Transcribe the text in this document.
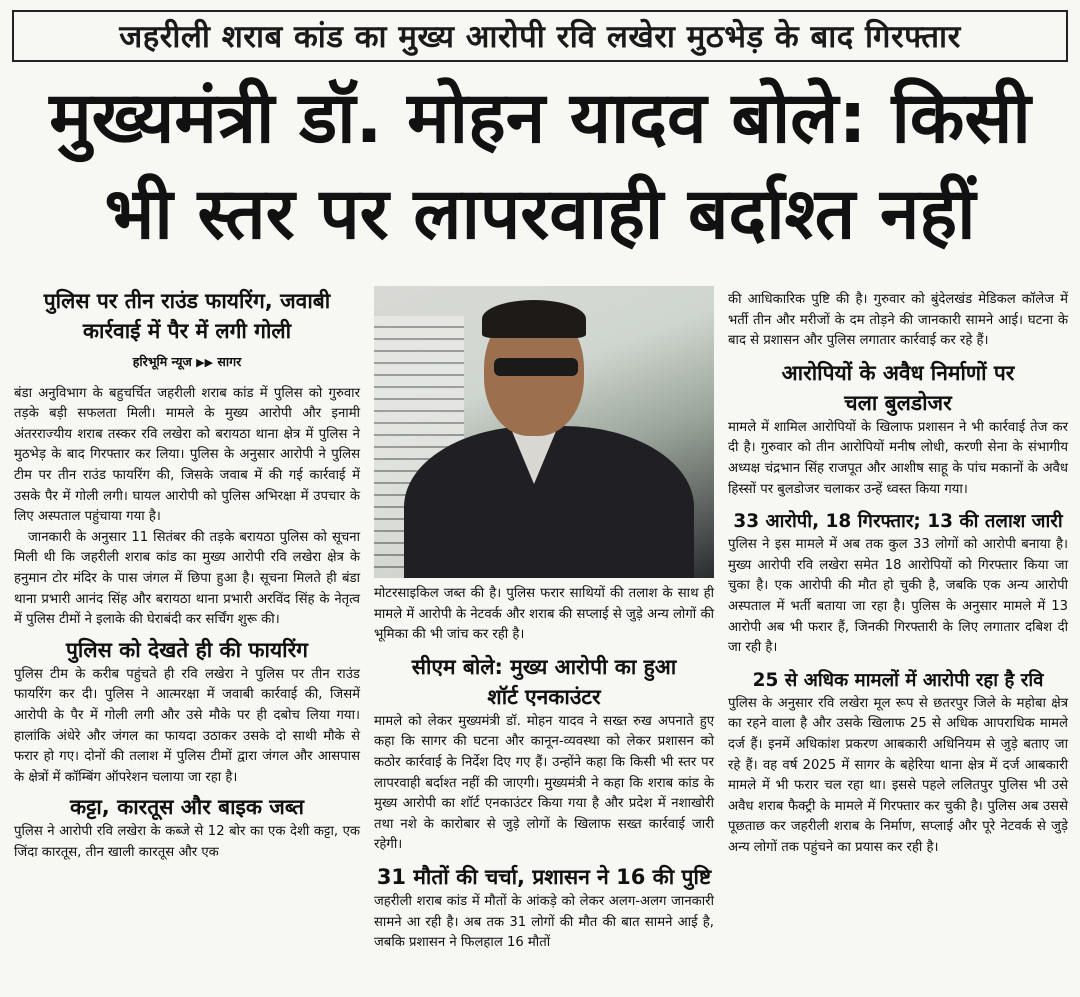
जहरीली शराब कांड का मुख्य आरोपी रवि लखेरा मुठभेड़ के बाद गिरफ्तार
मुख्यमंत्री डॉ. मोहन यादव बोले: किसी
भी स्तर पर लापरवाही बर्दाश्त नहीं
पुलिस पर तीन राउंड फायरिंग, जवाबी
कार्रवाई में पैर में लगी गोली
हरिभूमि न्यूज ▶▶ सागर

बंडा अनुविभाग के बहुचर्चित जहरीली शराब कांड में पुलिस को गुरुवार तड़के बड़ी सफलता मिली। मामले के मुख्य आरोपी और इनामी अंतरराज्यीय शराब तस्कर रवि लखेरा को बरायठा थाना क्षेत्र में पुलिस ने मुठभेड़ के बाद गिरफ्तार कर लिया। पुलिस के अनुसार आरोपी ने पुलिस टीम पर तीन राउंड फायरिंग की, जिसके जवाब में की गई कार्रवाई में उसके पैर में गोली लगी। घायल आरोपी को पुलिस अभिरक्षा में उपचार के लिए अस्पताल पहुंचाया गया है।

जानकारी के अनुसार 11 सितंबर की तड़के बरायठा पुलिस को सूचना मिली थी कि जहरीली शराब कांड का मुख्य आरोपी रवि लखेरा क्षेत्र के हनुमान टोर मंदिर के पास जंगल में छिपा हुआ है। सूचना मिलते ही बंडा थाना प्रभारी आनंद सिंह और बरायठा थाना प्रभारी अरविंद सिंह के नेतृत्व में पुलिस टीमों ने इलाके की घेराबंदी कर सर्चिंग शुरू की।

पुलिस को देखते ही की फायरिंग

पुलिस टीम के करीब पहुंचते ही रवि लखेरा ने पुलिस पर तीन राउंड फायरिंग कर दी। पुलिस ने आत्मरक्षा में जवाबी कार्रवाई की, जिसमें आरोपी के पैर में गोली लगी और उसे मौके पर ही दबोच लिया गया। हालांकि अंधेरे और जंगल का फायदा उठाकर उसके दो साथी मौके से फरार हो गए। दोनों की तलाश में पुलिस टीमों द्वारा जंगल और आसपास के क्षेत्रों में कॉम्बिंग ऑपरेशन चलाया जा रहा है।

कट्टा, कारतूस और बाइक जब्त

पुलिस ने आरोपी रवि लखेरा के कब्जे से 12 बोर का एक देशी कट्टा, एक जिंदा कारतूस, तीन खाली कारतूस और एक

मोटरसाइकिल जब्त की है। पुलिस फरार साथियों की तलाश के साथ ही मामले में आरोपी के नेटवर्क और शराब की सप्लाई से जुड़े अन्य लोगों की भूमिका की भी जांच कर रही है।

सीएम बोले: मुख्य आरोपी का हुआ
शॉर्ट एनकाउंटर

मामले को लेकर मुख्यमंत्री डॉ. मोहन यादव ने सख्त रुख अपनाते हुए कहा कि सागर की घटना और कानून-व्यवस्था को लेकर प्रशासन को कठोर कार्रवाई के निर्देश दिए गए हैं। उन्होंने कहा कि किसी भी स्तर पर लापरवाही बर्दाश्त नहीं की जाएगी। मुख्यमंत्री ने कहा कि शराब कांड के मुख्य आरोपी का शॉर्ट एनकाउंटर किया गया है और प्रदेश में नशाखोरी तथा नशे के कारोबार से जुड़े लोगों के खिलाफ सख्त कार्रवाई जारी रहेगी।

31 मौतों की चर्चा, प्रशासन ने 16 की पुष्टि

जहरीली शराब कांड में मौतों के आंकड़े को लेकर अलग-अलग जानकारी सामने आ रही है। अब तक 31 लोगों की मौत की बात सामने आई है, जबकि प्रशासन ने फिलहाल 16 मौतों

की आधिकारिक पुष्टि की है। गुरुवार को बुंदेलखंड मेडिकल कॉलेज में भर्ती तीन और मरीजों के दम तोड़ने की जानकारी सामने आई। घटना के बाद से प्रशासन और पुलिस लगातार कार्रवाई कर रहे हैं।

आरोपियों के अवैध निर्माणों पर
चला बुलडोजर

मामले में शामिल आरोपियों के खिलाफ प्रशासन ने भी कार्रवाई तेज कर दी है। गुरुवार को तीन आरोपियों मनीष लोधी, करणी सेना के संभागीय अध्यक्ष चंद्रभान सिंह राजपूत और आशीष साहू के पांच मकानों के अवैध हिस्सों पर बुलडोजर चलाकर उन्हें ध्वस्त किया गया।

33 आरोपी, 18 गिरफ्तार; 13 की तलाश जारी

पुलिस ने इस मामले में अब तक कुल 33 लोगों को आरोपी बनाया है। मुख्य आरोपी रवि लखेरा समेत 18 आरोपियों को गिरफ्तार किया जा चुका है। एक आरोपी की मौत हो चुकी है, जबकि एक अन्य आरोपी अस्पताल में भर्ती बताया जा रहा है। पुलिस के अनुसार मामले में 13 आरोपी अब भी फरार हैं, जिनकी गिरफ्तारी के लिए लगातार दबिश दी जा रही है।

25 से अधिक मामलों में आरोपी रहा है रवि

पुलिस के अनुसार रवि लखेरा मूल रूप से छतरपुर जिले के महोबा क्षेत्र का रहने वाला है और उसके खिलाफ 25 से अधिक आपराधिक मामले दर्ज हैं। इनमें अधिकांश प्रकरण आबकारी अधिनियम से जुड़े बताए जा रहे हैं। वह वर्ष 2025 में सागर के बहेरिया थाना क्षेत्र में दर्ज आबकारी मामले में भी फरार चल रहा था। इससे पहले ललितपुर पुलिस भी उसे अवैध शराब फैक्ट्री के मामले में गिरफ्तार कर चुकी है। पुलिस अब उससे पूछताछ कर जहरीली शराब के निर्माण, सप्लाई और पूरे नेटवर्क से जुड़े अन्य लोगों तक पहुंचने का प्रयास कर रही है।
